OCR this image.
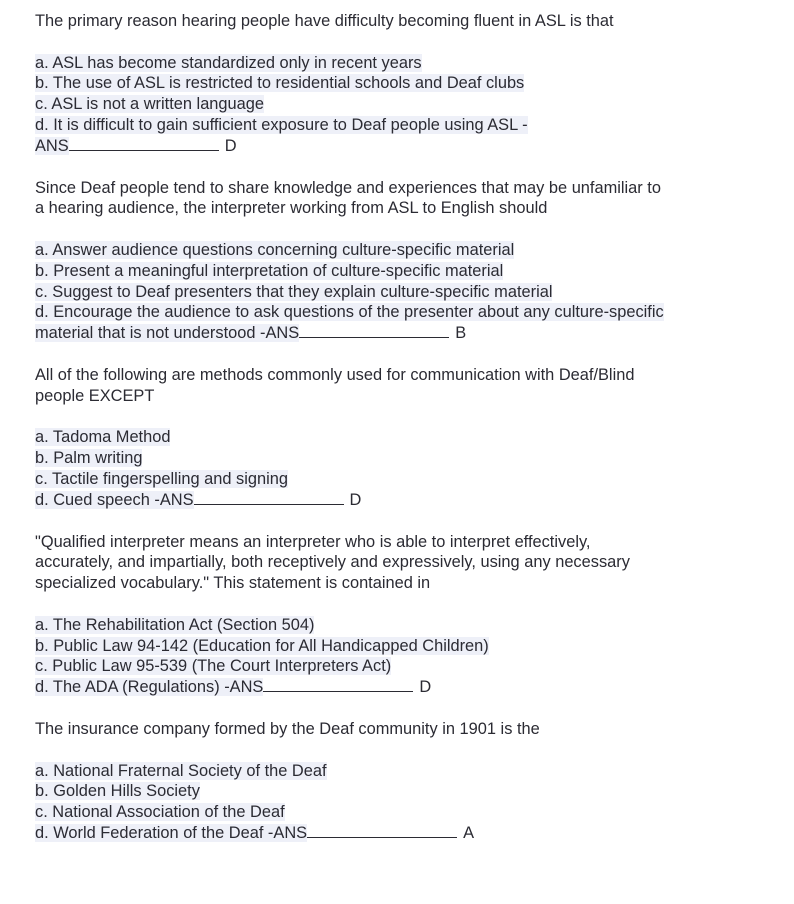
The primary reason hearing people have difficulty becoming fluent in ASL is that

a. ASL has become standardized only in recent years
b. The use of ASL is restricted to residential schools and Deaf clubs
c. ASL is not a written language
d. It is difficult to gain sufficient exposure to Deaf people using ASL -
ANS	D

Since Deaf people tend to share knowledge and experiences that may be unfamiliar to
a hearing audience, the interpreter working from ASL to English should

a. Answer audience questions concerning culture-specific material
b. Present a meaningful interpretation of culture-specific material
c. Suggest to Deaf presenters that they explain culture-specific material
d. Encourage the audience to ask questions of the presenter about any culture-specific
material that is not understood -ANS	B

All of the following are methods commonly used for communication with Deaf/Blind
people EXCEPT

a. Tadoma Method
b. Palm writing
c. Tactile fingerspelling and signing
d. Cued speech -ANS	D

"Qualified interpreter means an interpreter who is able to interpret effectively,
accurately, and impartially, both receptively and expressively, using any necessary
specialized vocabulary." This statement is contained in

a. The Rehabilitation Act (Section 504)
b. Public Law 94-142 (Education for All Handicapped Children)
c. Public Law 95-539 (The Court Interpreters Act)
d. The ADA (Regulations) -ANS	D

The insurance company formed by the Deaf community in 1901 is the

a. National Fraternal Society of the Deaf
b. Golden Hills Society
c. National Association of the Deaf
d. World Federation of the Deaf -ANS	A
